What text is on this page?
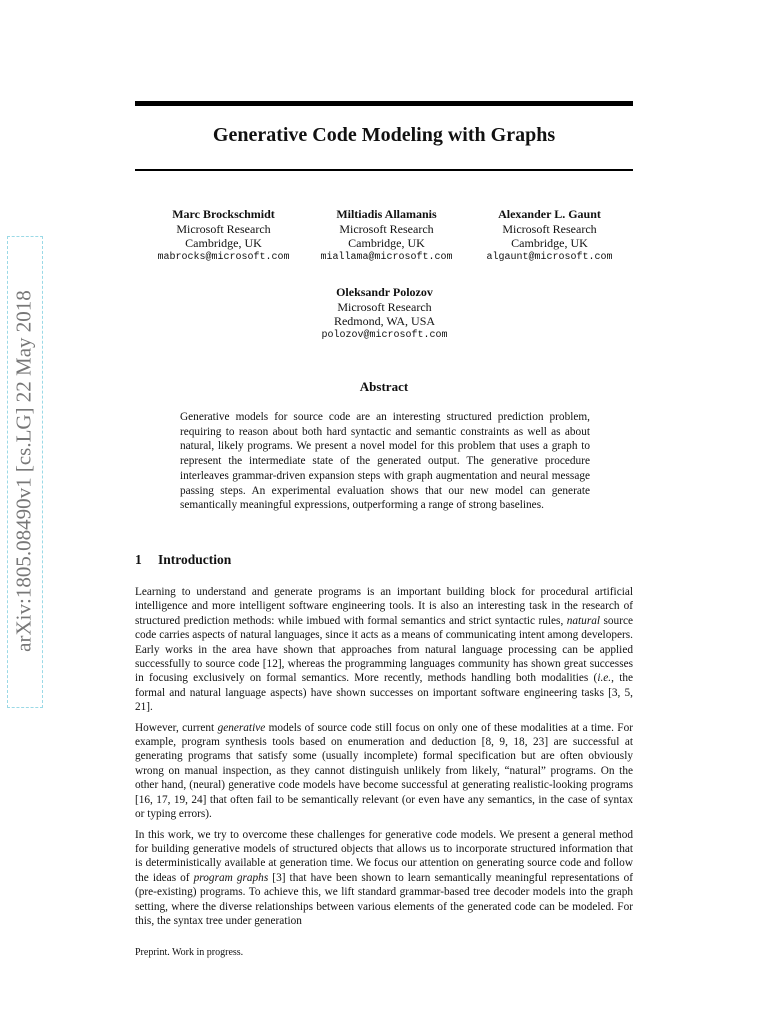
arXiv:1805.08490v1 [cs.LG] 22 May 2018
Generative Code Modeling with Graphs
Marc Brockschmidt
Microsoft Research
Cambridge, UK
mabrocks@microsoft.com
Miltiadis Allamanis
Microsoft Research
Cambridge, UK
miallama@microsoft.com
Alexander L. Gaunt
Microsoft Research
Cambridge, UK
algaunt@microsoft.com
Oleksandr Polozov
Microsoft Research
Redmond, WA, USA
polozov@microsoft.com
Abstract
Generative models for source code are an interesting structured prediction problem, requiring to reason about both hard syntactic and semantic constraints as well as about natural, likely programs. We present a novel model for this problem that uses a graph to represent the intermediate state of the generated output. The generative procedure interleaves grammar-driven expansion steps with graph augmentation and neural message passing steps. An experimental evaluation shows that our new model can generate semantically meaningful expressions, outperforming a range of strong baselines.
1 Introduction

Learning to understand and generate programs is an important building block for procedural artificial intelligence and more intelligent software engineering tools. It is also an interesting task in the research of structured prediction methods: while imbued with formal semantics and strict syntactic rules, natural source code carries aspects of natural languages, since it acts as a means of communicating intent among developers. Early works in the area have shown that approaches from natural language processing can be applied successfully to source code [12], whereas the programming languages community has shown great successes in focusing exclusively on formal semantics. More recently, methods handling both modalities (i.e., the formal and natural language aspects) have shown successes on important software engineering tasks [3, 5, 21].

However, current generative models of source code still focus on only one of these modalities at a time. For example, program synthesis tools based on enumeration and deduction [8, 9, 18, 23] are successful at generating programs that satisfy some (usually incomplete) formal specification but are often obviously wrong on manual inspection, as they cannot distinguish unlikely from likely, “natural” programs. On the other hand, (neural) generative code models have become successful at generating realistic-looking programs [16, 17, 19, 24] that often fail to be semantically relevant (or even have any semantics, in the case of syntax or typing errors).

In this work, we try to overcome these challenges for generative code models. We present a general method for building generative models of structured objects that allows us to incorporate structured information that is deterministically available at generation time. We focus our attention on generating source code and follow the ideas of program graphs [3] that have been shown to learn semantically meaningful representations of (pre-existing) programs. To achieve this, we lift standard grammar-based tree decoder models into the graph setting, where the diverse relationships between various elements of the generated code can be modeled. For this, the syntax tree under generation

Preprint. Work in progress.
